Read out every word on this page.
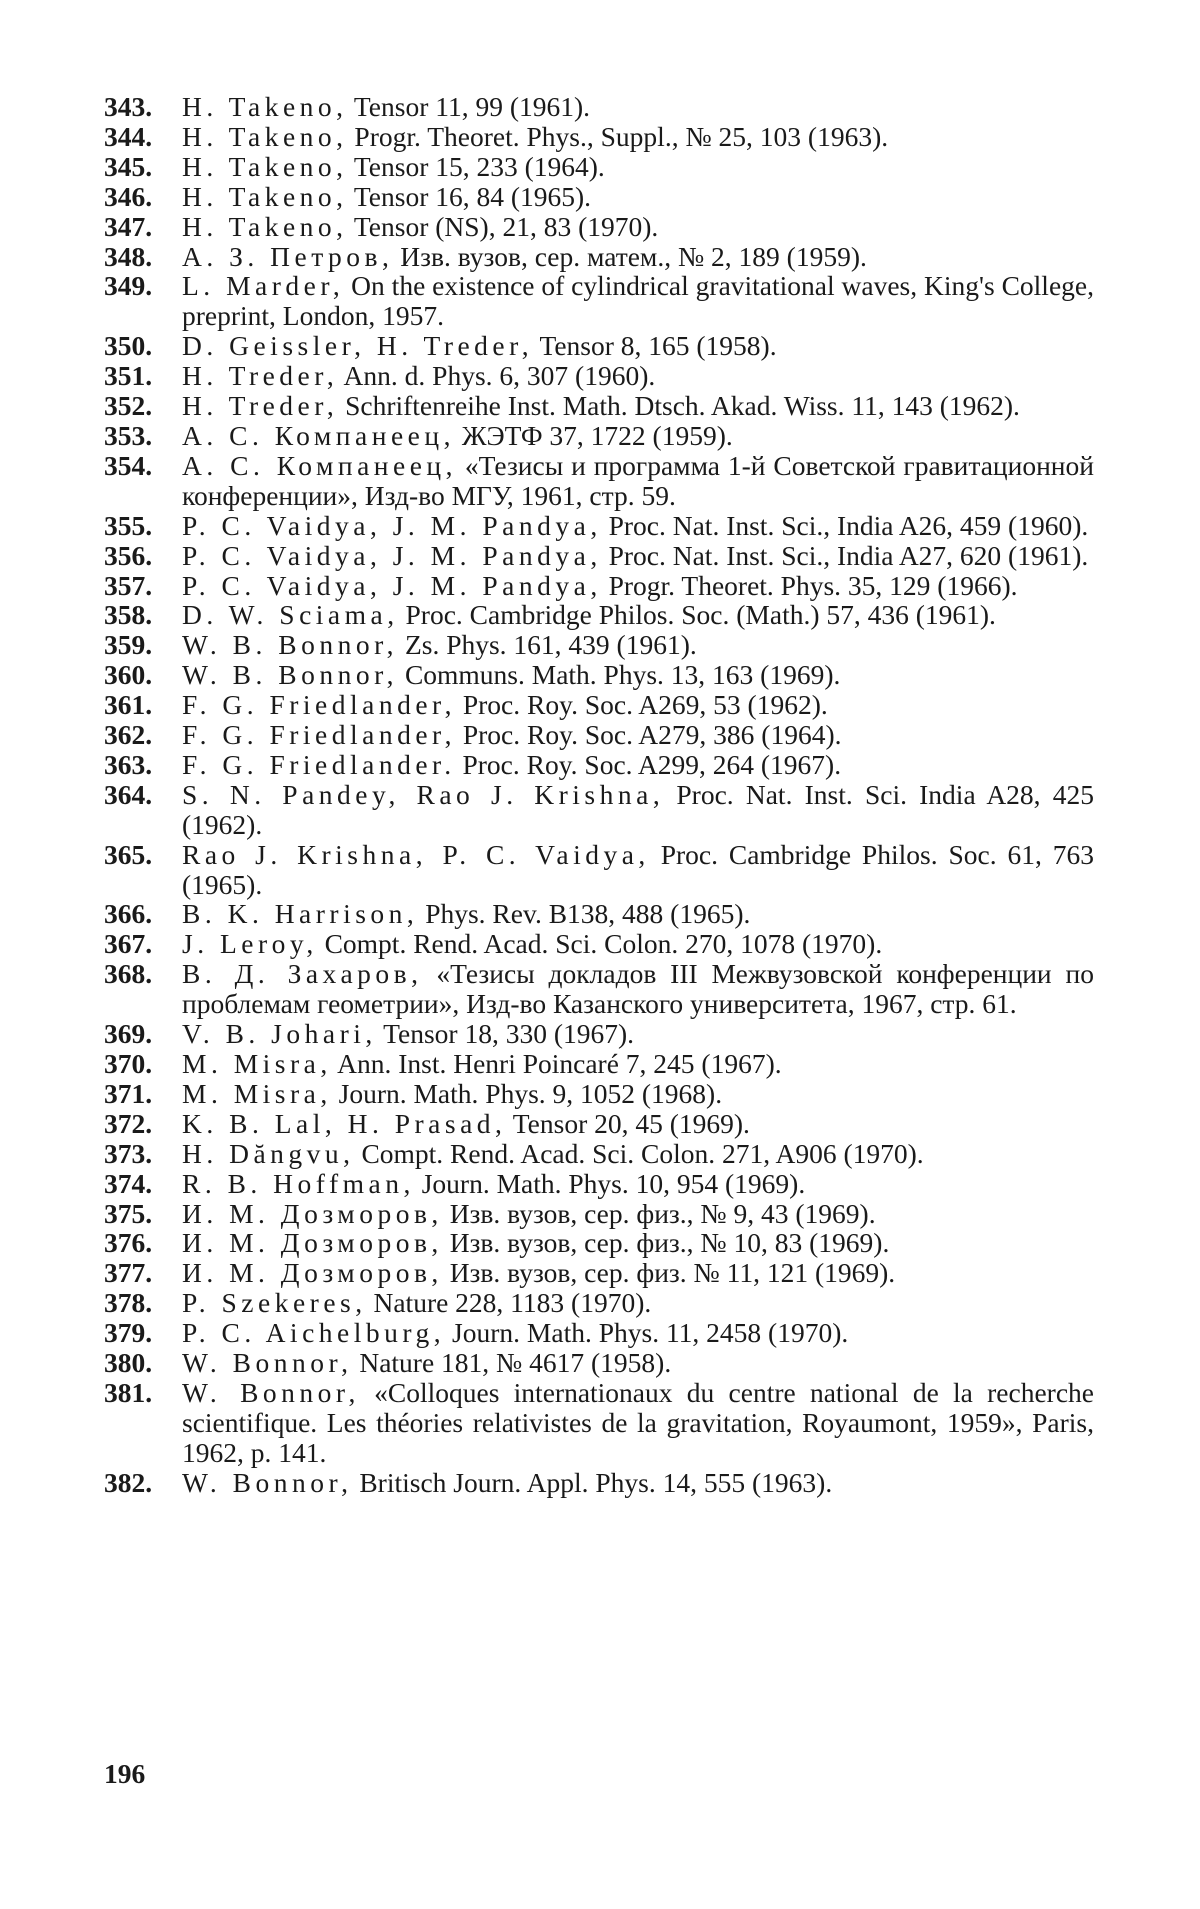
343.	H. Takeno, Tensor 11, 99 (1961).
344.	H. Takeno, Progr. Theoret. Phys., Suppl., № 25, 103 (1963).
345.	H. Takeno, Tensor 15, 233 (1964).
346.	H. Takeno, Tensor 16, 84 (1965).
347.	H. Takeno, Tensor (NS), 21, 83 (1970).
348.	А. З. Петров, Изв. вузов, сер. матем., № 2, 189 (1959).
349.	L. Marder, On the existence of cylindrical gravitational waves, King's College, preprint, London, 1957.
350.	D. Geissler, H. Treder, Tensor 8, 165 (1958).
351.	H. Treder, Ann. d. Phys. 6, 307 (1960).
352.	H. Treder, Schriftenreihe Inst. Math. Dtsch. Akad. Wiss. 11, 143 (1962).
353.	А. С. Компанеец, ЖЭТФ 37, 1722 (1959).
354.	А. С. Компанеец, «Тезисы и программа 1-й Советской гравитационной конференции», Изд-во МГУ, 1961, стр. 59.
355.	P. C. Vaidya, J. M. Pandya, Proc. Nat. Inst. Sci., India A26, 459 (1960).
356.	P. C. Vaidya, J. M. Pandya, Proc. Nat. Inst. Sci., India A27, 620 (1961).
357.	P. C. Vaidya, J. M. Pandya, Progr. Theoret. Phys. 35, 129 (1966).
358.	D. W. Sciama, Proc. Cambridge Philos. Soc. (Math.) 57, 436 (1961).
359.	W. B. Bonnor, Zs. Phys. 161, 439 (1961).
360.	W. B. Bonnor, Communs. Math. Phys. 13, 163 (1969).
361.	F. G. Friedlander, Proc. Roy. Soc. A269, 53 (1962).
362.	F. G. Friedlander, Proc. Roy. Soc. A279, 386 (1964).
363.	F. G. Friedlander. Proc. Roy. Soc. A299, 264 (1967).
364.	S. N. Pandey, Rao J. Krishna, Proc. Nat. Inst. Sci. India A28, 425 (1962).
365.	Rao J. Krishna, P. C. Vaidya, Proc. Cambridge Philos. Soc. 61, 763 (1965).
366.	B. K. Harrison, Phys. Rev. B138, 488 (1965).
367.	J. Leroy, Compt. Rend. Acad. Sci. Colon. 270, 1078 (1970).
368.	В. Д. Захаров, «Тезисы докладов III Межвузовской конференции по проблемам геометрии», Изд-во Казанского университета, 1967, стр. 61.
369.	V. B. Johari, Tensor 18, 330 (1967).
370.	M. Misra, Ann. Inst. Henri Poincaré 7, 245 (1967).
371.	M. Misra, Journ. Math. Phys. 9, 1052 (1968).
372.	K. B. Lal, H. Prasad, Tensor 20, 45 (1969).
373.	H. Dăngvu, Compt. Rend. Acad. Sci. Colon. 271, A906 (1970).
374.	R. B. Hoffman, Journ. Math. Phys. 10, 954 (1969).
375.	И. М. Дозморов, Изв. вузов, сер. физ., № 9, 43 (1969).
376.	И. М. Дозморов, Изв. вузов, сер. физ., № 10, 83 (1969).
377.	И. М. Дозморов, Изв. вузов, сер. физ. № 11, 121 (1969).
378.	P. Szekeres, Nature 228, 1183 (1970).
379.	P. C. Aichelburg, Journ. Math. Phys. 11, 2458 (1970).
380.	W. Bonnor, Nature 181, № 4617 (1958).
381.	W. Bonnor, «Colloques internationaux du centre national de la recherche scientifique. Les théories relativistes de la gravitation, Royaumont, 1959», Paris, 1962, p. 141.
382.	W. Bonnor, Britisch Journ. Appl. Phys. 14, 555 (1963).
196
